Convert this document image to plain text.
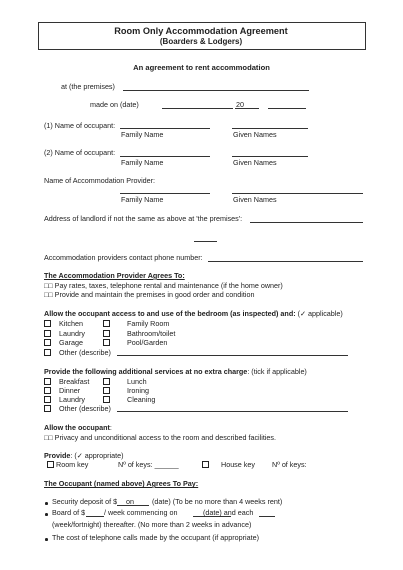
Room Only Accommodation Agreement
(Boarders & Lodgers)
An agreement to rent accommodation
at (the premises)
made on (date)	20
(1) Name of occupant:
Family Name	Given Names
(2) Name of occupant:
Family Name	Given Names
Name of Accommodation Provider:
Family Name	Given Names
Address of landlord if not the same as above at 'the premises':
Accommodation providers contact phone number:
The Accommodation Provider Agrees To:
□□ Pay rates, taxes, telephone rental and maintenance (if the home owner)
□□ Provide and maintain the premises in good order and condition
Allow the occupant access to and use of the bedroom (as inspected) and: (✓ applicable)
Kitchen	Family Room
Laundry	Bathroom/toilet
Garage	Pool/Garden
Other (describe)
Provide the following additional services at no extra charge: (tick if applicable)
Breakfast	Lunch
Dinner	Ironing
Laundry	Cleaning
Other (describe)
Allow the occupant:
□□ Privacy and unconditional access to the room and described facilities.
Provide: (✓ appropriate)
Room key	Nº of keys: ______	House key Nº of keys:
The Occupant (named above) Agrees To Pay:
Security deposit of $ on	(date) (To be no more than 4 weeks rent)
Board of $	/ week commencing on	(date) and each
(week/fortnight) thereafter. (No more than 2 weeks in advance)
The cost of telephone calls made by the occupant (if appropriate)
